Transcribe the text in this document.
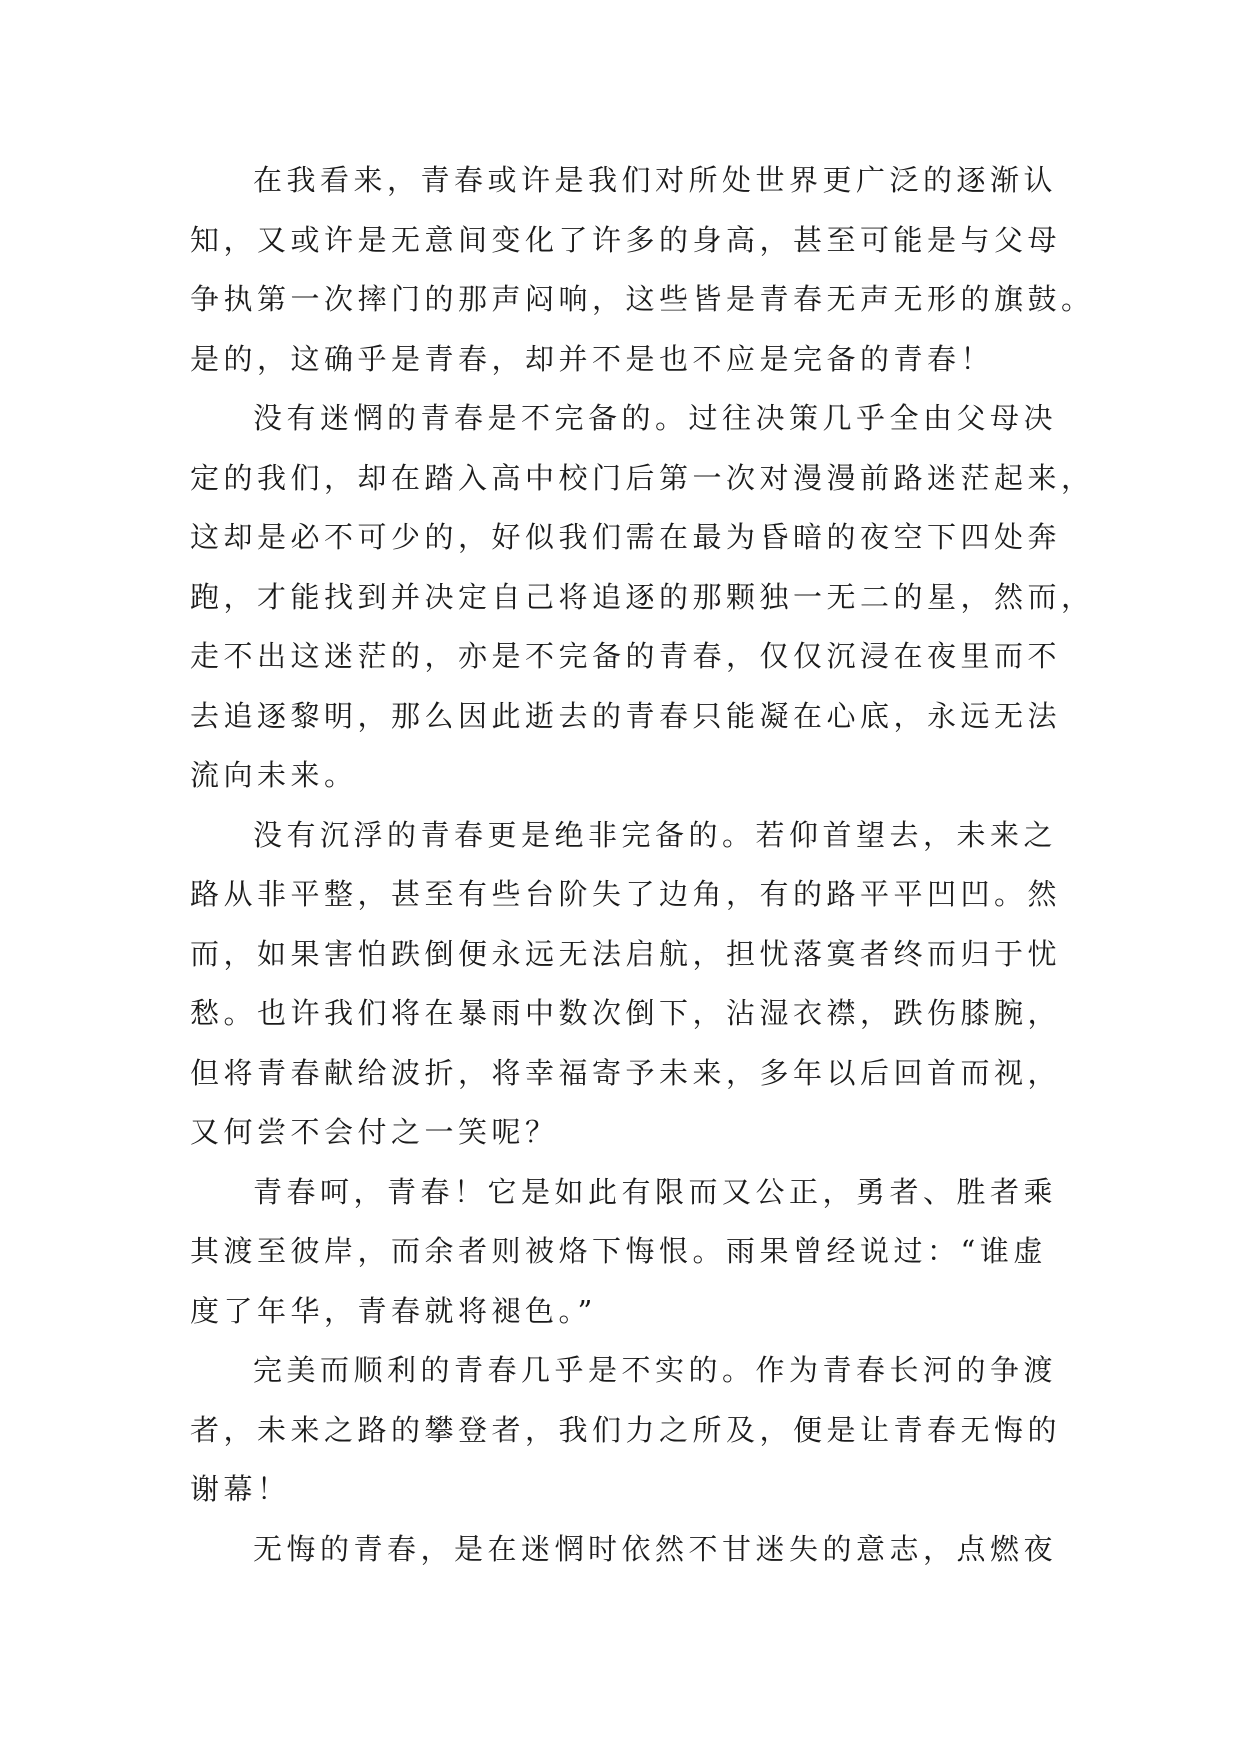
在我看来，青春或许是我们对所处世界更广泛的逐渐认
知，又或许是无意间变化了许多的身高，甚至可能是与父母
争执第一次摔门的那声闷响，这些皆是青春无声无形的旗鼓。
是的，这确乎是青春，却并不是也不应是完备的青春！
没有迷惘的青春是不完备的。过往决策几乎全由父母决
定的我们，却在踏入高中校门后第一次对漫漫前路迷茫起来，
这却是必不可少的，好似我们需在最为昏暗的夜空下四处奔
跑，才能找到并决定自己将追逐的那颗独一无二的星，然而，
走不出这迷茫的，亦是不完备的青春，仅仅沉浸在夜里而不
去追逐黎明，那么因此逝去的青春只能凝在心底，永远无法
流向未来。
没有沉浮的青春更是绝非完备的。若仰首望去，未来之
路从非平整，甚至有些台阶失了边角，有的路平平凹凹。然
而，如果害怕跌倒便永远无法启航，担忧落寞者终而归于忧
愁。也许我们将在暴雨中数次倒下，沾湿衣襟，跌伤膝腕，
但将青春献给波折，将幸福寄予未来，多年以后回首而视，
又何尝不会付之一笑呢？
青春呵，青春！它是如此有限而又公正，勇者、胜者乘
其渡至彼岸，而余者则被烙下悔恨。雨果曾经说过：“谁虚
度了年华，青春就将褪色。”
完美而顺利的青春几乎是不实的。作为青春长河的争渡
者，未来之路的攀登者，我们力之所及，便是让青春无悔的
谢幕！
无悔的青春，是在迷惘时依然不甘迷失的意志，点燃夜
